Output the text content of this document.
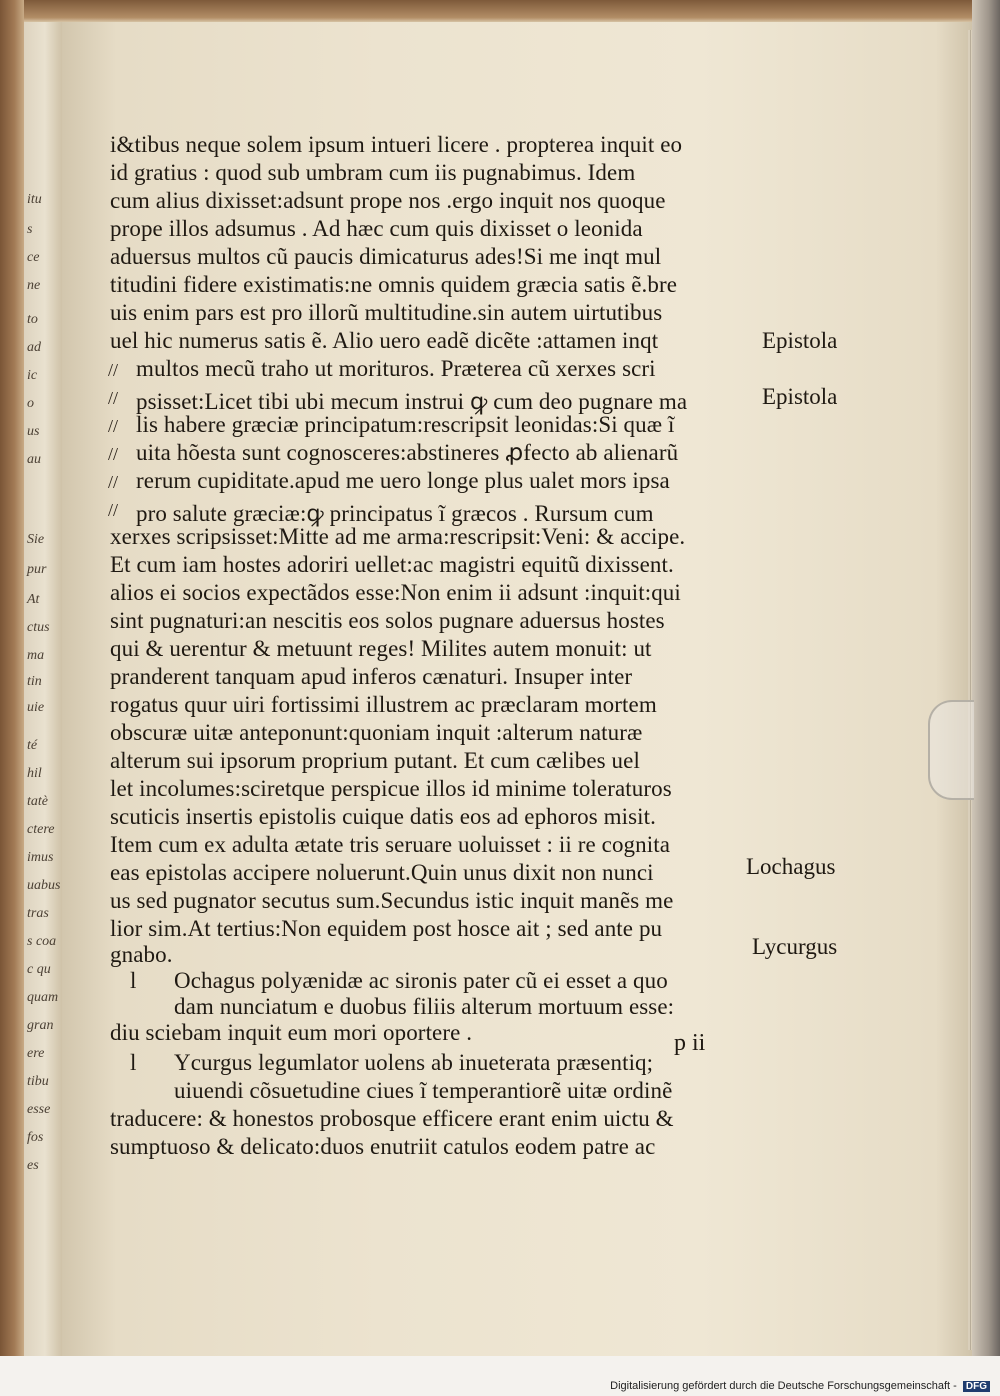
itu
s
ce
ne
to
ad
ic
o
us
au
Sie
pur
At
ctus
ma
tin
uie
té
hil
tatè
ctere
imus
uabus
tras
s coa
c qu
quam
gran
ere
tibu
esse
fos
es
i&tibus neque solem ipsum intueri licere . propterea inquit eo
id gratius : quod sub umbram cum iis pugnabimus. Idem
cum alius dixisset:adsunt prope nos .ergo inquit nos quoque
prope illos adsumus . Ad hæc cum quis dixisset o leonida
aduersus multos cũ paucis dimicaturus ades!Si me inqt mul
titudini fidere existimatis:ne omnis quidem græcia satis ẽ.bre
uis enim pars est pro illorũ multitudine.sin autem uirtutibus
uel hic numerus satis ẽ. Alio uero eadẽ dicẽte :attamen inqt
multos mecũ traho ut morituros. Præterea cũ xerxes scri
psisset:Licet tibi ubi mecum instrui ꝙ cum deo pugnare ma
lis habere græciæ principatum:rescripsit leonidas:Si quæ ĩ
uita hõesta sunt cognosceres:abstineres ꝓfecto ab alienarũ
rerum cupiditate.apud me uero longe plus ualet mors ipsa
pro salute græciæ:ꝙ principatus ĩ græcos . Rursum cum
xerxes scripsisset:Mitte ad me arma:rescripsit:Veni: & accipe.
Et cum iam hostes adoriri uellet:ac magistri equitũ dixissent.
alios ei socios expectãdos esse:Non enim ii adsunt :inquit:qui
sint pugnaturi:an nescitis eos solos pugnare aduersus hostes
qui & uerentur & metuunt reges! Milites autem monuit: ut
pranderent tanquam apud inferos cænaturi. Insuper inter
rogatus quur uiri fortissimi illustrem ac præclaram mortem
obscuræ uitæ anteponunt:quoniam inquit :alterum naturæ
alterum sui ipsorum proprium putant. Et cum cælibes uel
let incolumes:sciretque perspicue illos id minime toleraturos
scuticis insertis epistolis cuique datis eos ad ephoros misit.
Item cum ex adulta ætate tris seruare uoluisset : ii re cognita
eas epistolas accipere noluerunt.Quin unus dixit non nunci
us sed pugnator secutus sum.Secundus istic inquit manẽs me
lior sim.At tertius:Non equidem post hosce ait ; sed ante pu
gnabo.
Ochagus polyænidæ ac sironis pater cũ ei esset a quo
dam nunciatum e duobus filiis alterum mortuum esse:
diu sciebam inquit eum mori oportere .
Ycurgus legumlator uolens ab inueterata præsentiq;
uiuendi cõsuetudine ciues ĩ temperantiorẽ uitæ ordinẽ
traducere: & honestos probosque efficere erant enim uictu &
sumptuoso & delicato:duos enutriit catulos eodem patre ac
l
l
//
//
//
//
//
//
Epistola
Epistola
Lochagus
Lycurgus
p ii
Digitalisierung gefördert durch die Deutsche Forschungsgemeinschaft - DFG
